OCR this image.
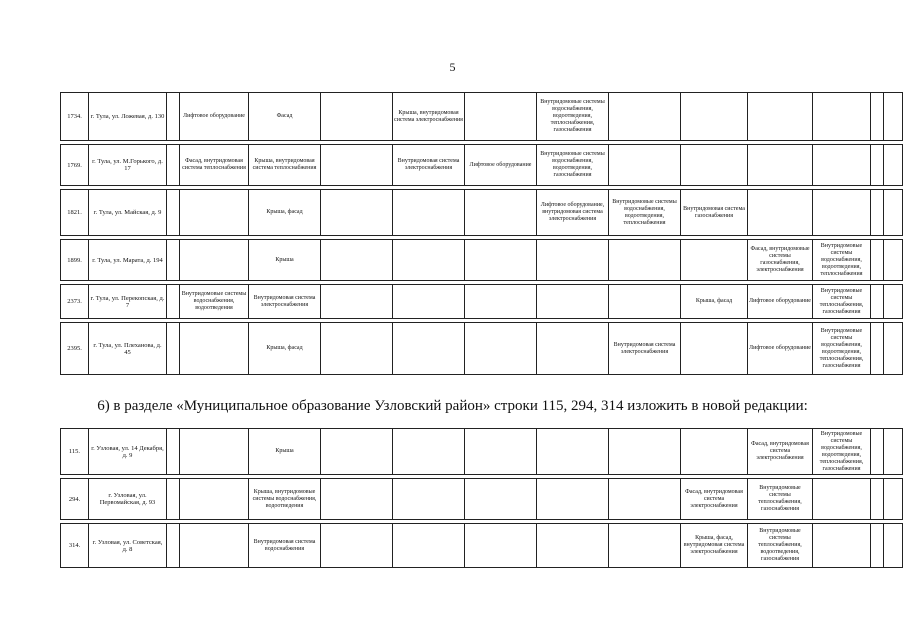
5
1734.	г. Тула, ул. Ложевая, д. 130		Лифтовое оборудование	Фасад		Крыша, внутридомовая система электроснабжения		Внутридомовые системы водоснабжения, водоотведения, теплоснабжения, газоснабжения						

1769.	г. Тула, ул. М.Горького, д. 17		Фасад, внутридомовая система теплоснабжения	Крыша, внутридомовая система теплоснабжения		Внутридомовая система электроснабжения	Лифтовое оборудование	Внутридомовые системы водоснабжения, водоотведения, газоснабжения						

1821.	г. Тула, ул. Майская, д. 9			Крыша, фасад				Лифтовое оборудование, внутридомовая система электроснабжения	Внутридомовые системы водоснабжения, водоотведения, теплоснабжения	Внутридомовая система газоснабжения				

1899.	г. Тула, ул. Марата, д. 194			Крыша							Фасад, внутридомовые системы газоснабжения, электроснабжения	Внутридомовые системы водоснабжения, водоотведения, теплоснабжения		

2373.	г. Тула, ул. Перекопская, д. 7		Внутридомовые системы водоснабжения, водоотведения	Внутридомовая система электроснабжения						Крыша, фасад	Лифтовое оборудование	Внутридомовые системы теплоснабжения, газоснабжения		

2395.	г. Тула, ул. Плеханова, д. 45			Крыша, фасад					Внутридомовая система электроснабжения		Лифтовое оборудование	Внутридомовые системы водоснабжения, водоотведения, теплоснабжения, газоснабжения		
6) в разделе «Муниципальное образование Узловский район» строки 115, 294, 314 изложить в новой редакции:
115.	г. Узловая, ул. 14 Декабря, д. 9			Крыша							Фасад, внутридомовая система электроснабжения	Внутридомовые системы водоснабжения, водоотведения, теплоснабжения, газоснабжения		

294.	г. Узловая, ул. Первомайская, д. 93			Крыша, внутридомовые системы водоснабжения, водоотведения						Фасад, внутридомовая система электроснабжения	Внутридомовые системы теплоснабжения, газоснабжения			

314.	г. Узловая, ул. Советская, д. 8			Внутридомовая система водоснабжения						Крыша, фасад, внутридомовая система электроснабжения	Внутридомовые системы теплоснабжения, водоотведения, газоснабжения			
